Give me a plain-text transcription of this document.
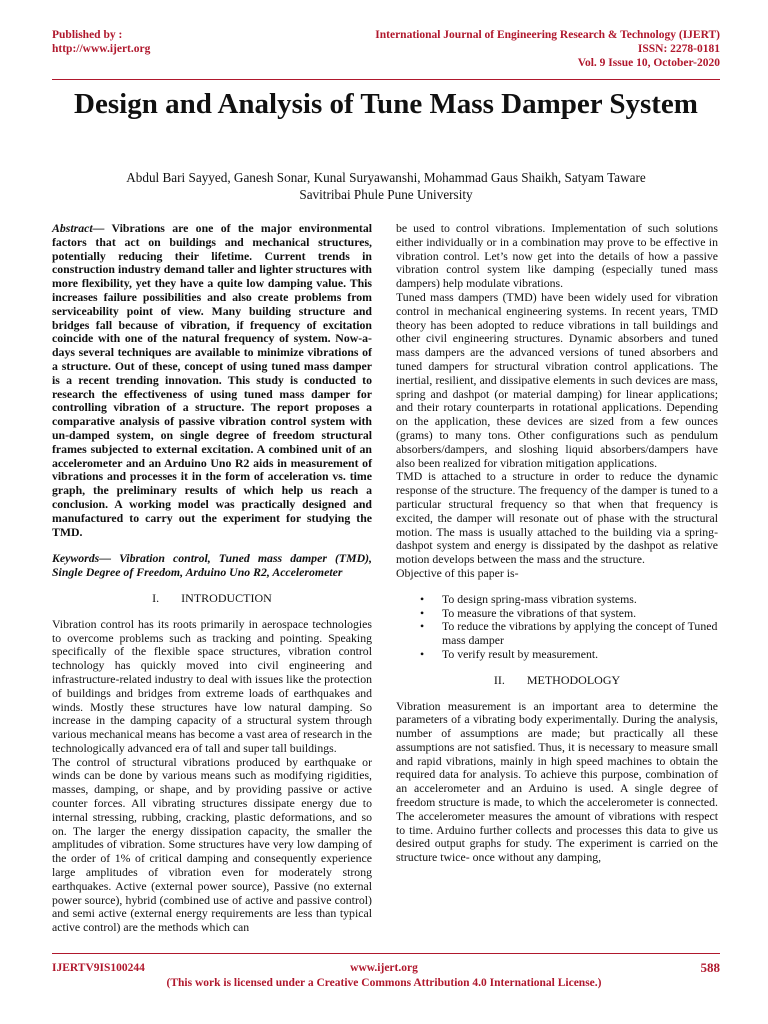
Published by :
http://www.ijert.org
International Journal of Engineering Research & Technology (IJERT)
ISSN: 2278-0181
Vol. 9 Issue 10, October-2020
Design and Analysis of Tune Mass Damper System
Abdul Bari Sayyed, Ganesh Sonar, Kunal Suryawanshi, Mohammad Gaus Shaikh, Satyam Taware
Savitribai Phule Pune University

Abstract— Vibrations are one of the major environmental factors that act on buildings and mechanical structures, potentially reducing their lifetime. Current trends in construction industry demand taller and lighter structures with more flexibility, yet they have a quite low damping value. This increases failure possibilities and also create problems from serviceability point of view. Many building structure and bridges fall because of vibration, if frequency of excitation coincide with one of the natural frequency of system. Now-a-days several techniques are available to minimize vibrations of a structure. Out of these, concept of using tuned mass damper is a recent trending innovation. This study is conducted to research the effectiveness of using tuned mass damper for controlling vibration of a structure. The report proposes a comparative analysis of passive vibration control system with un-damped system, on single degree of freedom structural frames subjected to external excitation. A combined unit of an accelerometer and an Arduino Uno R2 aids in measurement of vibrations and processes it in the form of acceleration vs. time graph, the preliminary results of which help us reach a conclusion. A working model was practically designed and manufactured to carry out the experiment for studying the TMD.

Keywords— Vibration control, Tuned mass damper (TMD), Single Degree of Freedom, Arduino Uno R2, Accelerometer

I. INTRODUCTION

Vibration control has its roots primarily in aerospace technologies to overcome problems such as tracking and pointing. Speaking specifically of the flexible space structures, vibration control technology has quickly moved into civil engineering and infrastructure-related industry to deal with issues like the protection of buildings and bridges from extreme loads of earthquakes and winds. Mostly these structures have low natural damping. So increase in the damping capacity of a structural system through various mechanical means has become a vast area of research in the technologically advanced era of tall and super tall buildings.

The control of structural vibrations produced by earthquake or winds can be done by various means such as modifying rigidities, masses, damping, or shape, and by providing passive or active counter forces. All vibrating structures dissipate energy due to internal stressing, rubbing, cracking, plastic deformations, and so on. The larger the energy dissipation capacity, the smaller the amplitudes of vibration. Some structures have very low damping of the order of 1% of critical damping and consequently experience large amplitudes of vibration even for moderately strong earthquakes. Active (external power source), Passive (no external power source), hybrid (combined use of active and passive control) and semi active (external energy requirements are less than typical active control) are the methods which can

be used to control vibrations. Implementation of such solutions either individually or in a combination may prove to be effective in vibration control. Let’s now get into the details of how a passive vibration control system like damping (especially tuned mass dampers) help modulate vibrations.

Tuned mass dampers (TMD) have been widely used for vibration control in mechanical engineering systems. In recent years, TMD theory has been adopted to reduce vibrations in tall buildings and other civil engineering structures. Dynamic absorbers and tuned mass dampers are the advanced versions of tuned absorbers and tuned dampers for structural vibration control applications. The inertial, resilient, and dissipative elements in such devices are mass, spring and dashpot (or material damping) for linear applications; and their rotary counterparts in rotational applications. Depending on the application, these devices are sized from a few ounces (grams) to many tons. Other configurations such as pendulum absorbers/dampers, and sloshing liquid absorbers/dampers have also been realized for vibration mitigation applications.

TMD is attached to a structure in order to reduce the dynamic response of the structure. The frequency of the damper is tuned to a particular structural frequency so that when that frequency is excited, the damper will resonate out of phase with the structural motion. The mass is usually attached to the building via a spring-dashpot system and energy is dissipated by the dashpot as relative motion develops between the mass and the structure.

Objective of this paper is-

• To design spring-mass vibration systems.
• To measure the vibrations of that system.
• To reduce the vibrations by applying the concept of Tuned mass damper
• To verify result by measurement.

II. METHODOLOGY

Vibration measurement is an important area to determine the parameters of a vibrating body experimentally. During the analysis, number of assumptions are made; but practically all these assumptions are not satisfied. Thus, it is necessary to measure small and rapid vibrations, mainly in high speed machines to obtain the required data for analysis. To achieve this purpose, combination of an accelerometer and an Arduino is used. A single degree of freedom structure is made, to which the accelerometer is connected. The accelerometer measures the amount of vibrations with respect to time. Arduino further collects and processes this data to give us desired output graphs for study. The experiment is carried on the structure twice- once without any damping,

IJERTV9IS100244	www.ijert.org	588
(This work is licensed under a Creative Commons Attribution 4.0 International License.)
